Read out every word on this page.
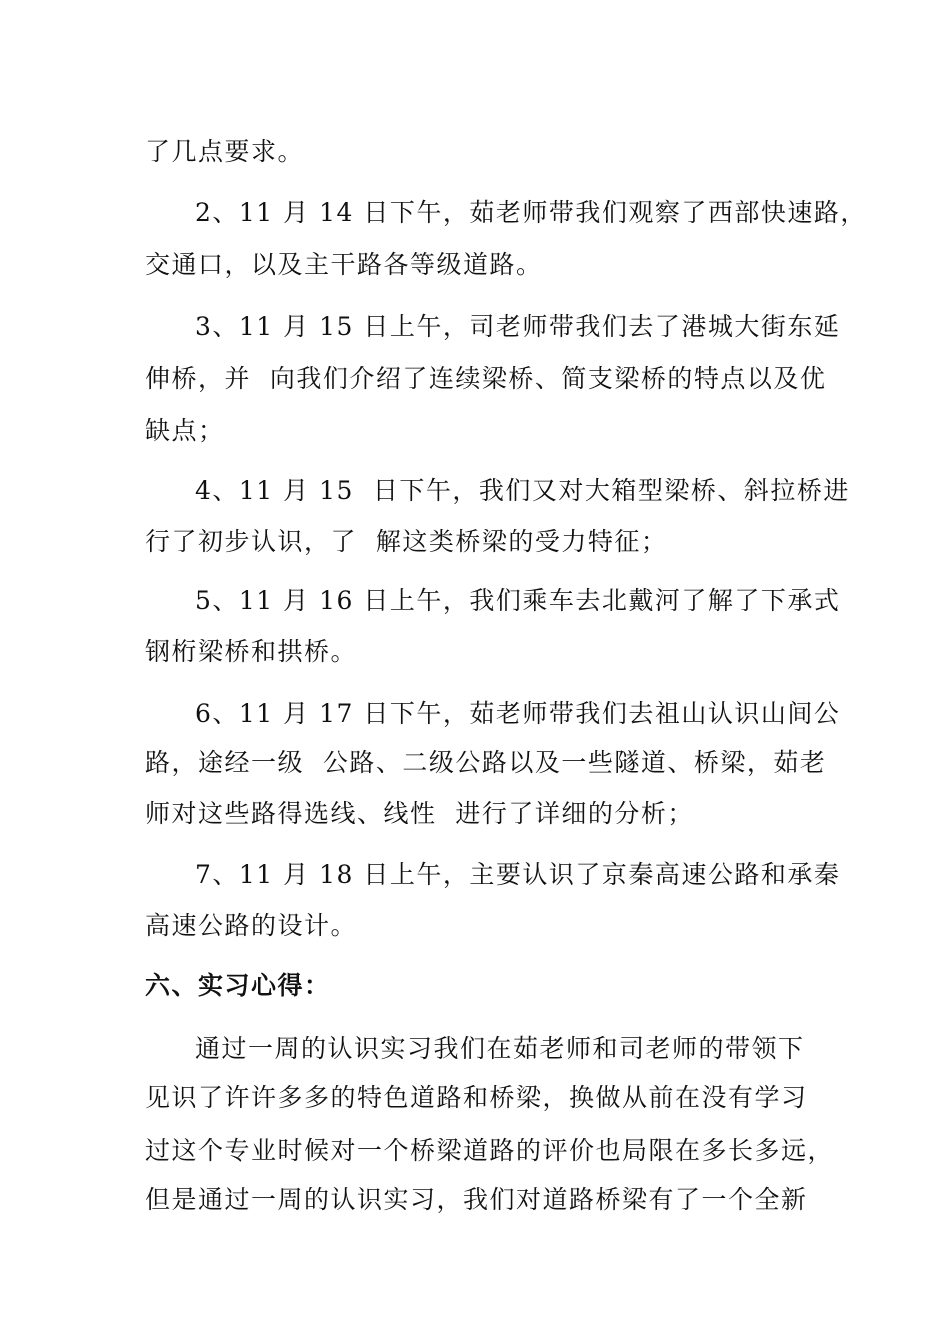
了几点要求。
2、11 月 14 日下午，茹老师带我们观察了西部快速路，
交通口，以及主干路各等级道路。
3、11 月 15 日上午，司老师带我们去了港城大街东延
伸桥，并  向我们介绍了连续梁桥、简支梁桥的特点以及优
缺点；
4、11 月 15  日下午，我们又对大箱型梁桥、斜拉桥进
行了初步认识，了  解这类桥梁的受力特征；
5、11 月 16 日上午，我们乘车去北戴河了解了下承式
钢桁梁桥和拱桥。
6、11 月 17 日下午，茹老师带我们去祖山认识山间公
路，途经一级  公路、二级公路以及一些隧道、桥梁，茹老
师对这些路得选线、线性  进行了详细的分析；
7、11 月 18 日上午，主要认识了京秦高速公路和承秦
高速公路的设计。
六、实习心得：
通过一周的认识实习我们在茹老师和司老师的带领下
见识了许许多多的特色道路和桥梁，换做从前在没有学习
过这个专业时候对一个桥梁道路的评价也局限在多长多远，
但是通过一周的认识实习，我们对道路桥梁有了一个全新
